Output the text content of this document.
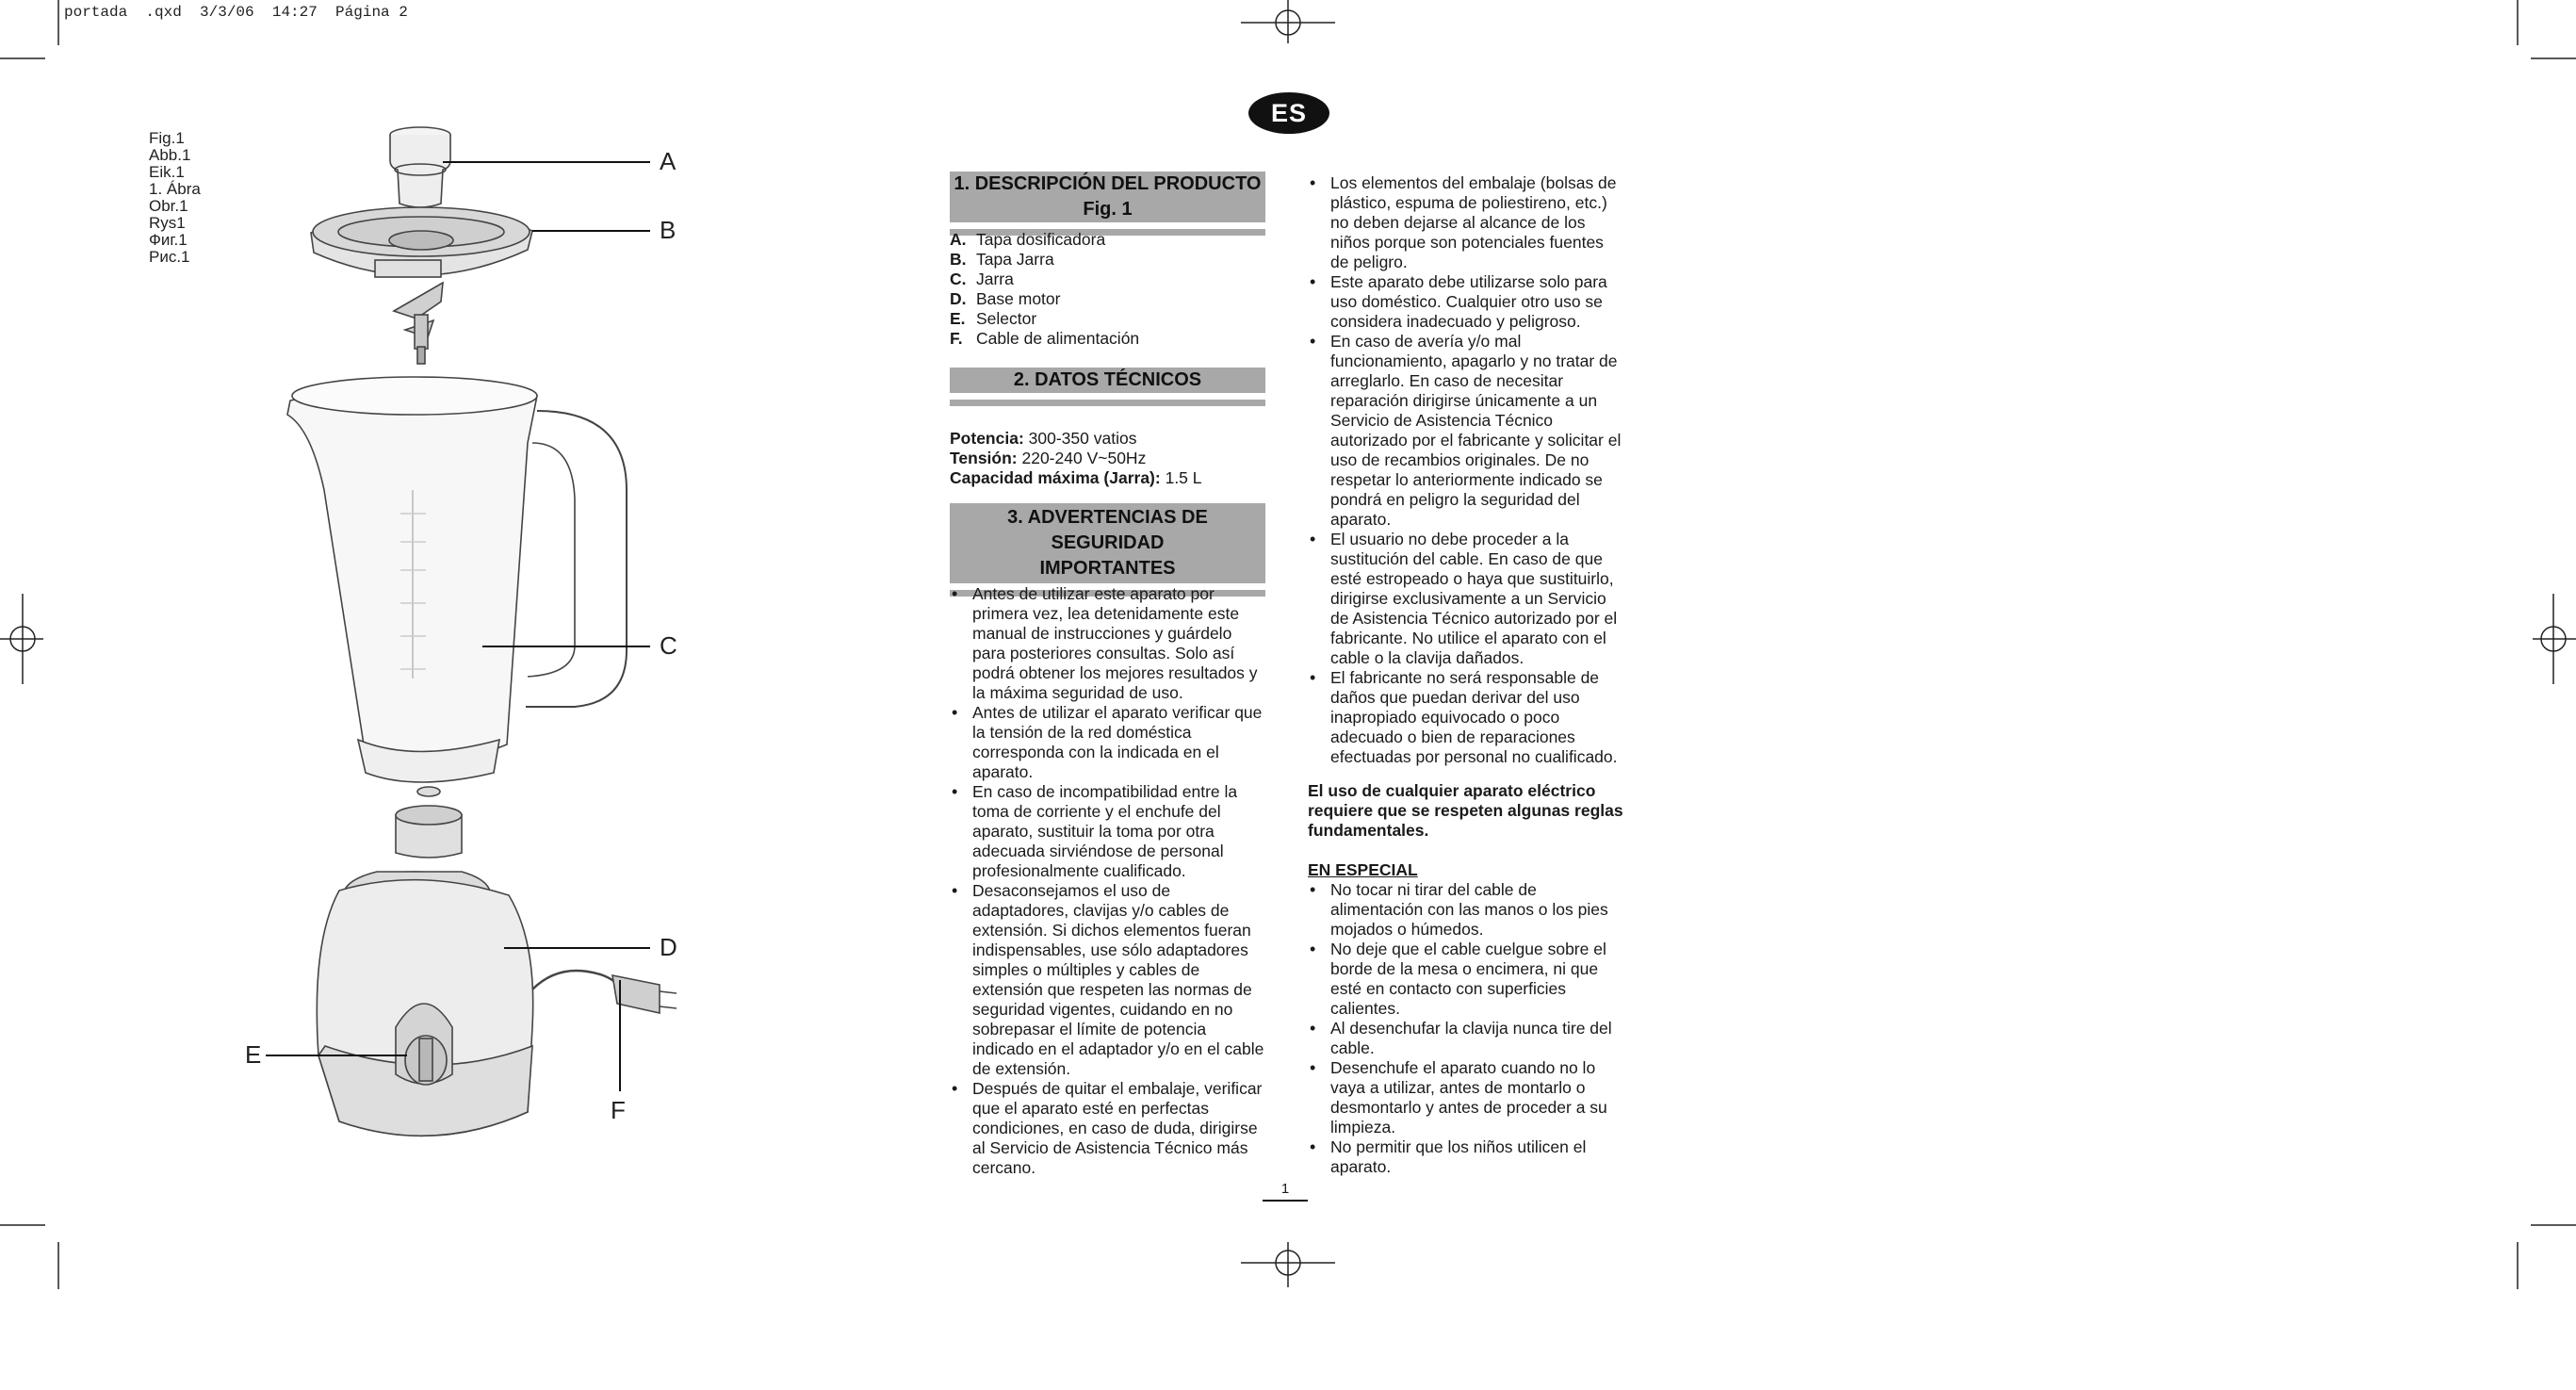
portada  .qxd  3/3/06  14:27  Página 2
Fig.1
Abb.1
Eik.1
1. Ábra
Obr.1
Rys1
Фиг.1
Рис.1
A
B
C
D
E
F
ES
1. DESCRIPCIÓN DEL PRODUCTO Fig. 1
A. Tapa dosificadora
B. Tapa Jarra
C. Jarra
D. Base motor
E. Selector
F. Cable de alimentación
2. DATOS TÉCNICOS
Potencia: 300-350 vatios
Tensión: 220-240 V~50Hz
Capacidad máxima (Jarra): 1.5 L
3. ADVERTENCIAS DE SEGURIDAD
IMPORTANTES
• Antes de utilizar este aparato por primera vez, lea detenidamente este manual de instrucciones y guárdelo para posteriores consultas. Solo así podrá obtener los mejores resultados y la máxima seguridad de uso.
• Antes de utilizar el aparato verificar que la tensión de la red doméstica corresponda con la indicada en el aparato.
• En caso de incompatibilidad entre la toma de corriente y el enchufe del aparato, sustituir la toma por otra adecuada sirviéndose de personal profesionalmente cualificado.
• Desaconsejamos el uso de adaptadores, clavijas y/o cables de extensión. Si dichos elementos fueran indispensables, use sólo adaptadores simples o múltiples y cables de extensión que respeten las normas de seguridad vigentes, cuidando en no sobrepasar el límite de potencia indicado en el adaptador y/o en el cable de extensión.
• Después de quitar el embalaje, verificar que el aparato esté en perfectas condiciones, en caso de duda, dirigirse al Servicio de Asistencia Técnico más cercano.
• Los elementos del embalaje (bolsas de plástico, espuma de poliestireno, etc.) no deben dejarse al alcance de los niños porque son potenciales fuentes de peligro.
• Este aparato debe utilizarse solo para uso doméstico. Cualquier otro uso se considera inadecuado y peligroso.
• En caso de avería y/o mal funcionamiento, apagarlo y no tratar de arreglarlo. En caso de necesitar reparación dirigirse únicamente a un Servicio de Asistencia Técnico autorizado por el fabricante y solicitar el uso de recambios originales. De no respetar lo anteriormente indicado se pondrá en peligro la seguridad del aparato.
• El usuario no debe proceder a la sustitución del cable. En caso de que esté estropeado o haya que sustituirlo, dirigirse exclusivamente a un Servicio de Asistencia Técnico autorizado por el fabricante. No utilice el aparato con el cable o la clavija dañados.
• El fabricante no será responsable de daños que puedan derivar del uso inapropiado equivocado o poco adecuado o bien de reparaciones efectuadas por personal no cualificado.
El uso de cualquier aparato eléctrico requiere que se respeten algunas reglas fundamentales.
EN ESPECIAL
• No tocar ni tirar del cable de alimentación con las manos o los pies mojados o húmedos.
• No deje que el cable cuelgue sobre el borde de la mesa o encimera, ni que esté en contacto con superficies calientes.
• Al desenchufar la clavija nunca tire del cable.
• Desenchufe el aparato cuando no lo vaya a utilizar, antes de montarlo o desmontarlo y antes de proceder a su limpieza.
• No permitir que los niños utilicen el aparato.
1
